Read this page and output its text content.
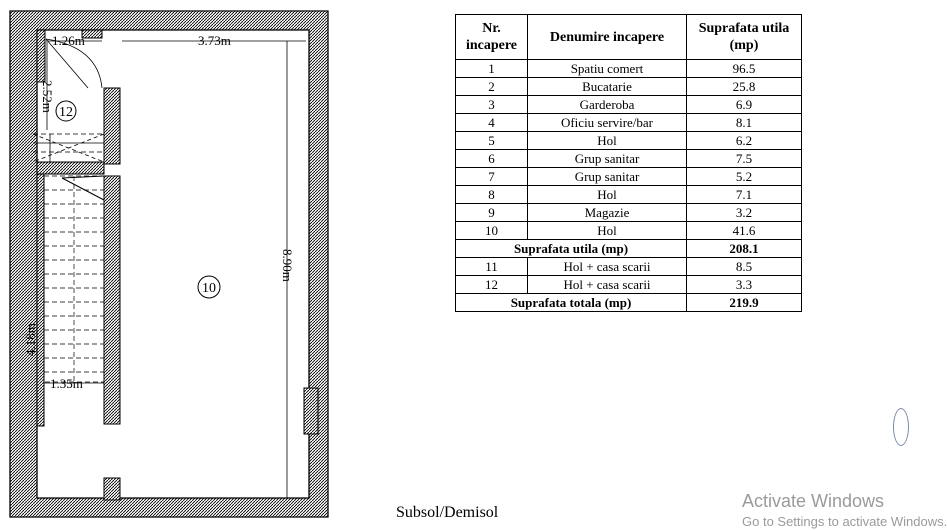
1.26m	3.73m
2.52m
8.90m
4.18m
1.35m
12
10
Nr. incapere	Denumire incapere	Suprafata utila (mp)
1	Spatiu comert	96.5
2	Bucatarie	25.8
3	Garderoba	6.9
4	Oficiu servire/bar	8.1
5	Hol	6.2
6	Grup sanitar	7.5
7	Grup sanitar	5.2
8	Hol	7.1
9	Magazie	3.2
10	Hol	41.6
Suprafata utila (mp)		208.1
11	Hol + casa scarii	8.5
12	Hol + casa scarii	3.3
Suprafata totala (mp)		219.9
Subsol/Demisol
Activate Windows
Go to Settings to activate Windows.
